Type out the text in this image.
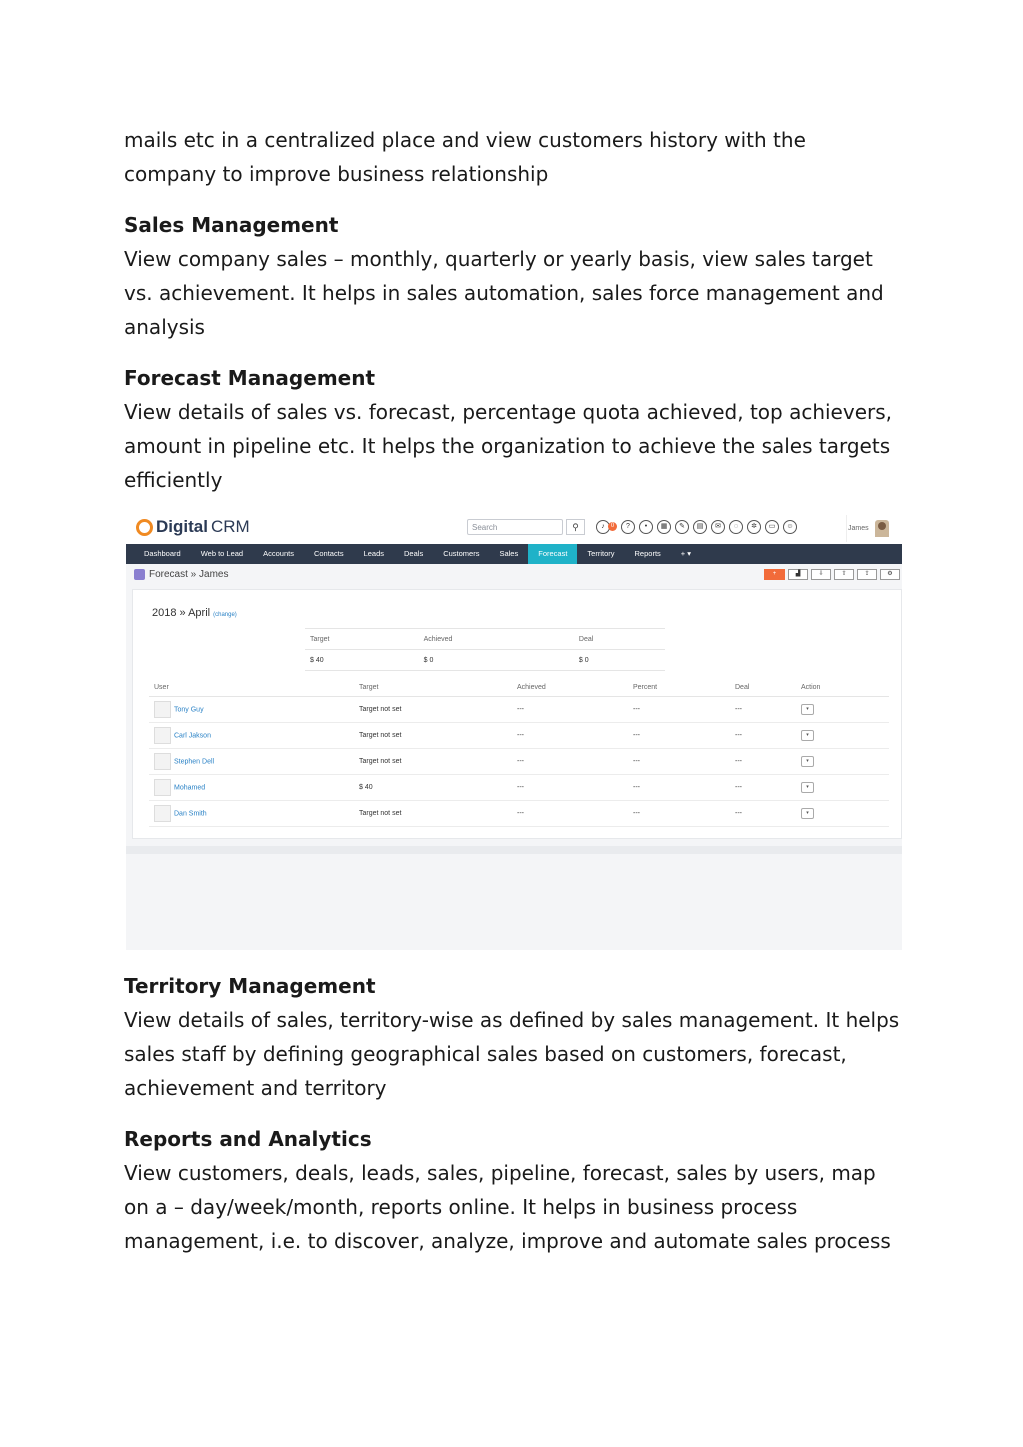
mails etc in a centralized place and view customers history with the company to improve business relationship

Sales Management

View company sales – monthly, quarterly or yearly basis, view sales target vs. achievement. It helps in sales automation, sales force management and analysis

Forecast Management

View details of sales vs. forecast, percentage quota achieved, top achievers, amount in pipeline etc. It helps the organization to achieve the sales targets efficiently

Digital CRM	Search	⚲	♪	0	?	•	▦	✎	▤	✉	◌	✲	▭	☺	James
Dashboard	Web to Lead	Accounts	Contacts	Leads	Deals	Customers	Sales	Forecast	Territory	Reports	+ ▾
Forecast » James	+	▟	⇩	⇧	⇪	⚙
2018 » April (change)
Target	Achieved	Deal
$ 40	$ 0	$ 0
User	Target	Achieved	Percent	Deal	Action
Tony Guy	Target not set	---	---	---	▾
Carl Jakson	Target not set	---	---	---	▾
Stephen Dell	Target not set	---	---	---	▾
Mohamed	$ 40	---	---	---	▾
Dan Smith	Target not set	---	---	---	▾
Territory Management

View details of sales, territory-wise as defined by sales management. It helps sales staff by defining geographical sales based on customers, forecast, achievement and territory

Reports and Analytics

View customers, deals, leads, sales, pipeline, forecast, sales by users, map on a – day/week/month, reports online. It helps in business process management, i.e. to discover, analyze, improve and automate sales process
